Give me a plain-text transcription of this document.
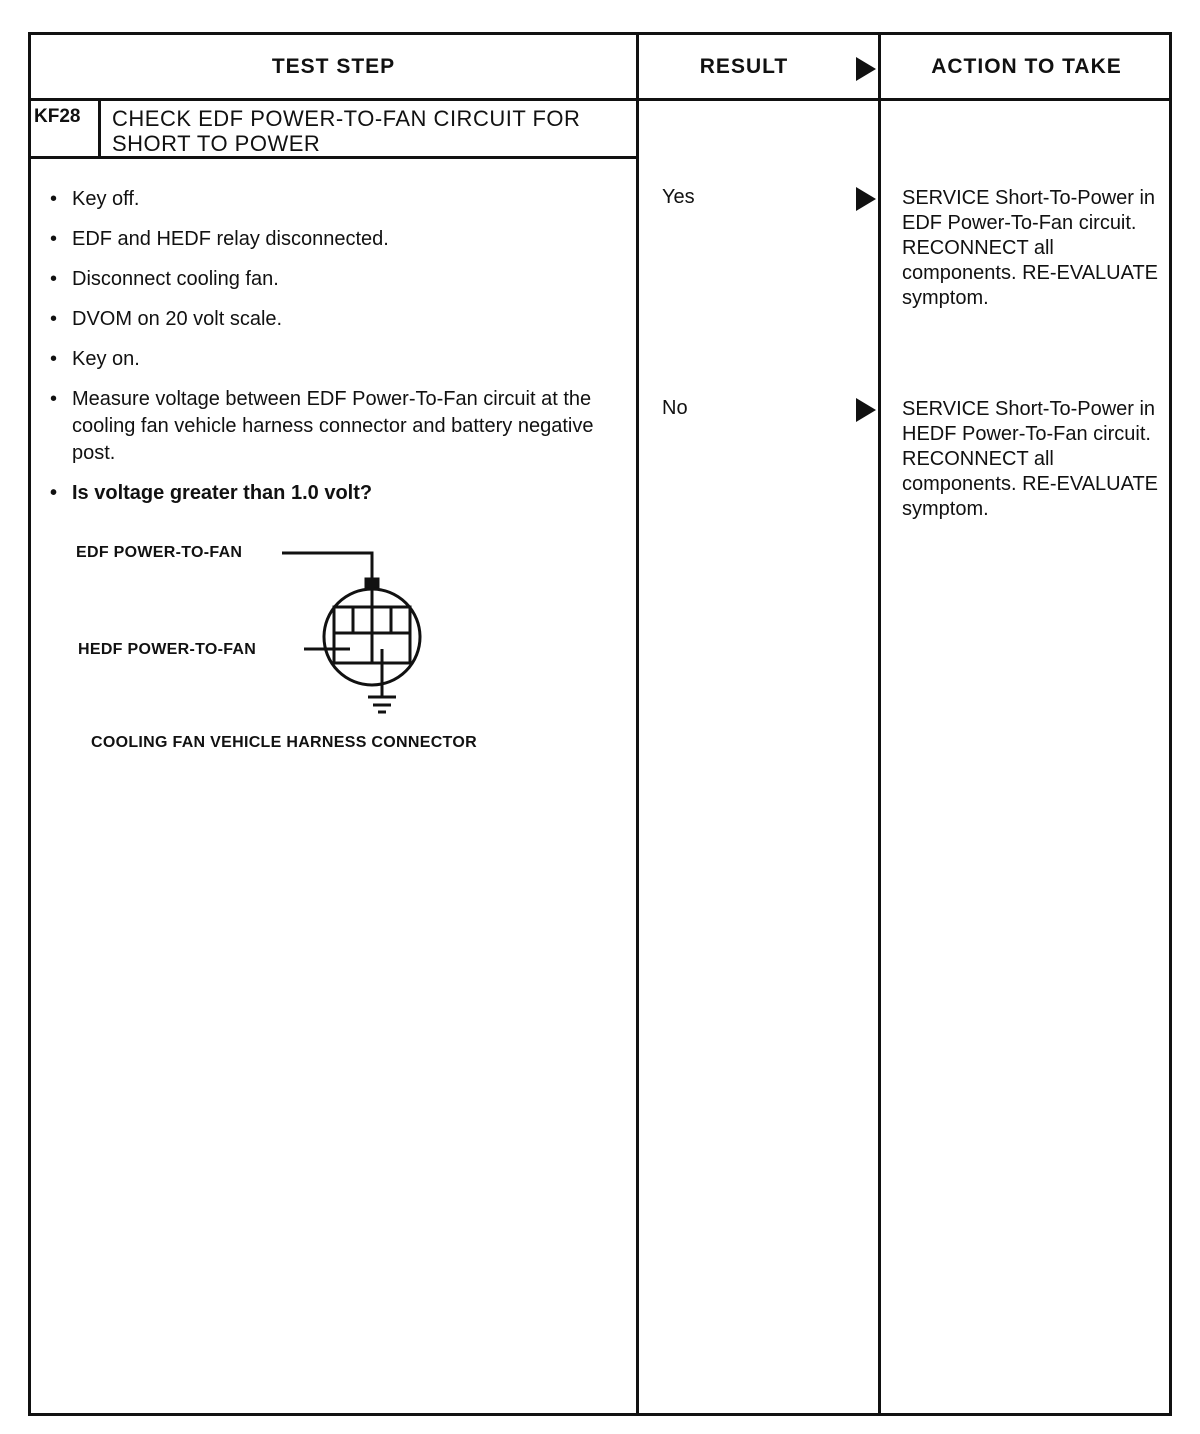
TEST STEP	RESULT	ACTION TO TAKE
KF28 CHECK EDF POWER-TO-FAN CIRCUIT FOR SHORT TO POWER
• Key off.
• EDF and HEDF relay disconnected.
• Disconnect cooling fan.
• DVOM on 20 volt scale.
• Key on.
• Measure voltage between EDF Power-To-Fan circuit at the cooling fan vehicle harness connector and battery negative post.
• Is voltage greater than 1.0 volt?
EDF POWER-TO-FAN
HEDF POWER-TO-FAN
COOLING FAN VEHICLE HARNESS CONNECTOR
Yes	SERVICE Short-To-Power in EDF Power-To-Fan circuit. RECONNECT all components. RE-EVALUATE symptom.
No	SERVICE Short-To-Power in HEDF Power-To-Fan circuit. RECONNECT all components. RE-EVALUATE symptom.
